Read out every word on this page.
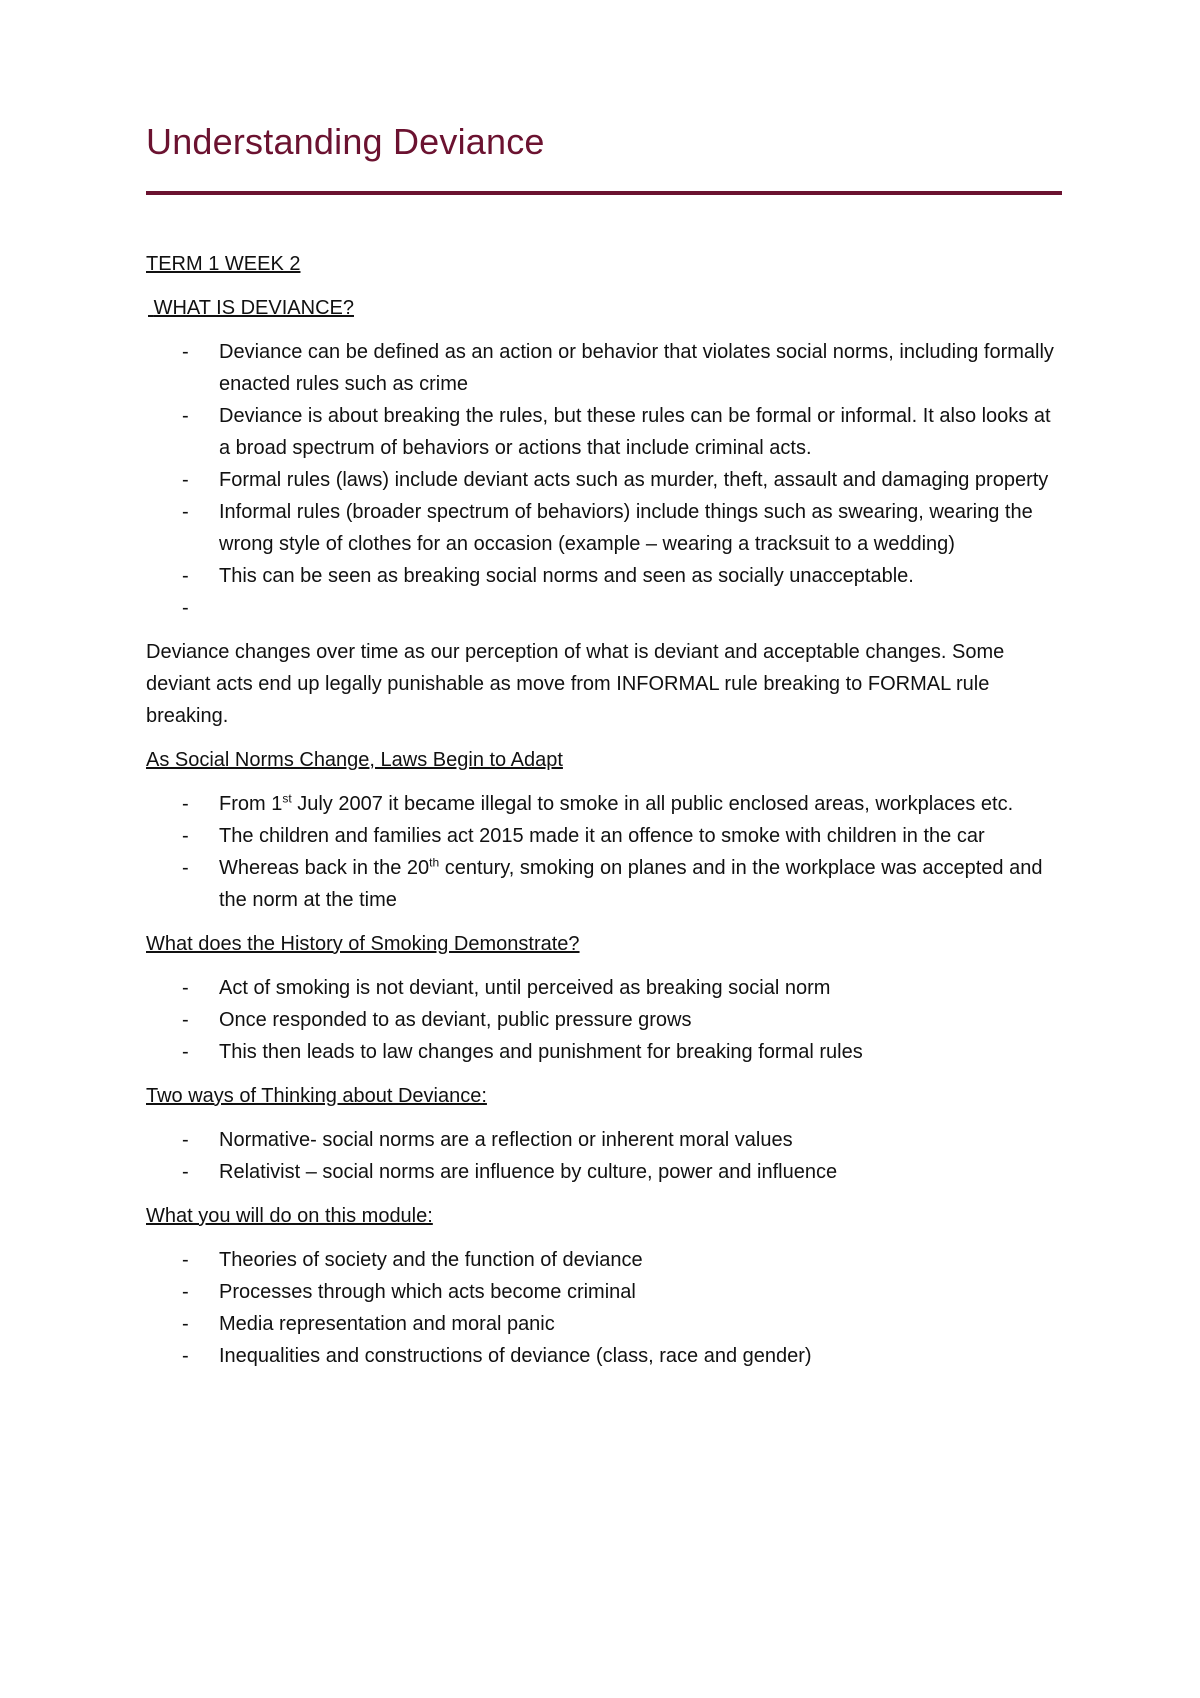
Understanding Deviance

TERM 1 WEEK 2

WHAT IS DEVIANCE?

- Deviance can be defined as an action or behavior that violates social norms, including formally enacted rules such as crime
- Deviance is about breaking the rules, but these rules can be formal or informal. It also looks at a broad spectrum of behaviors or actions that include criminal acts.
- Formal rules (laws) include deviant acts such as murder, theft, assault and damaging property
- Informal rules (broader spectrum of behaviors) include things such as swearing, wearing the wrong style of clothes for an occasion (example – wearing a tracksuit to a wedding)
- This can be seen as breaking social norms and seen as socially unacceptable.
-

Deviance changes over time as our perception of what is deviant and acceptable changes. Some deviant acts end up legally punishable as move from INFORMAL rule breaking to FORMAL rule breaking.

As Social Norms Change, Laws Begin to Adapt

- From 1st July 2007 it became illegal to smoke in all public enclosed areas, workplaces etc.
- The children and families act 2015 made it an offence to smoke with children in the car
- Whereas back in the 20th century, smoking on planes and in the workplace was accepted and the norm at the time

What does the History of Smoking Demonstrate?

- Act of smoking is not deviant, until perceived as breaking social norm
- Once responded to as deviant, public pressure grows
- This then leads to law changes and punishment for breaking formal rules

Two ways of Thinking about Deviance:

- Normative- social norms are a reflection or inherent moral values
- Relativist – social norms are influence by culture, power and influence

What you will do on this module:

- Theories of society and the function of deviance
- Processes through which acts become criminal
- Media representation and moral panic
- Inequalities and constructions of deviance (class, race and gender)
